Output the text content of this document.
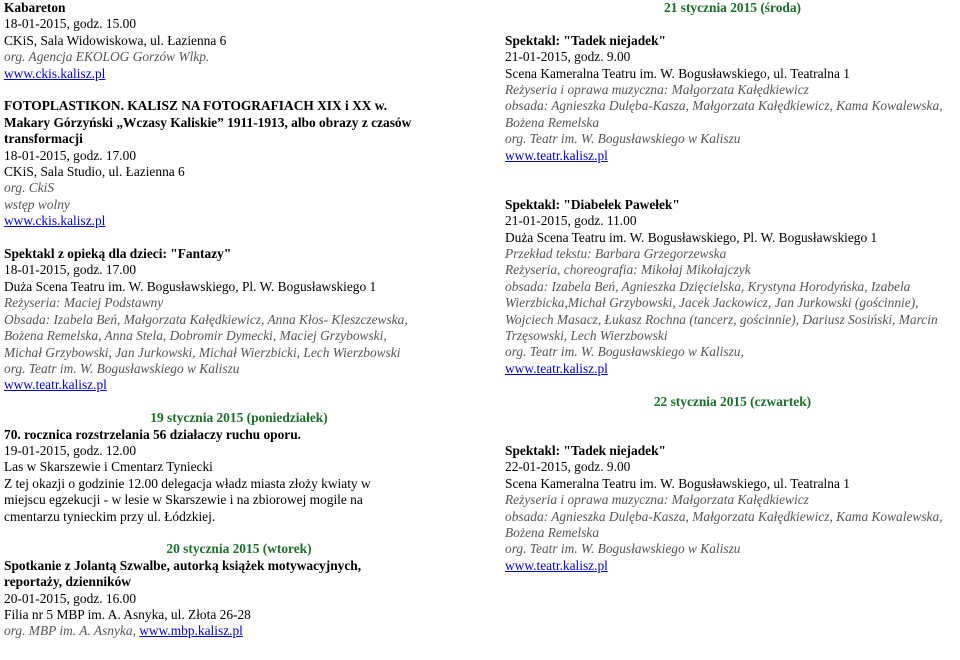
Kabareton
18-01-2015, godz. 15.00
CKiS, Sala Widowiskowa, ul. Łazienna 6
org. Agencja EKOLOG Gorzów Wlkp.
www.ckis.kalisz.pl
FOTOPLASTIKON. KALISZ NA FOTOGRAFIACH XIX i XX w.
Makary Górzyński „Wczasy Kaliskie” 1911-1913, albo obrazy z czasów
transformacji
18-01-2015, godz. 17.00
CKiS, Sala Studio, ul. Łazienna 6
org. CkiS
wstęp wolny
www.ckis.kalisz.pl
Spektakl z opieką dla dzieci: "Fantazy"
18-01-2015, godz. 17.00
Duża Scena Teatru im. W. Bogusławskiego, Pl. W. Bogusławskiego 1
Reżyseria: Maciej Podstawny
Obsada: Izabela Beń, Małgorzata Kałędkiewicz, Anna Kłos- Kleszczewska,
Bożena Remelska, Anna Stela, Dobromir Dymecki, Maciej Grzybowski,
Michał Grzybowski, Jan Jurkowski, Michał Wierzbicki, Lech Wierzbowski
org. Teatr im. W. Bogusławskiego w Kaliszu
www.teatr.kalisz.pl
19 stycznia 2015 (poniedziałek)
70. rocznica rozstrzelania 56 działaczy ruchu oporu.
19-01-2015, godz. 12.00
Las w Skarszewie i Cmentarz Tyniecki
Z tej okazji o godzinie 12.00 delegacja władz miasta złoży kwiaty w
miejscu egzekucji - w lesie w Skarszewie i na zbiorowej mogile na
cmentarzu tynieckim przy ul. Łódzkiej.
20 stycznia 2015 (wtorek)
Spotkanie z Jolantą Szwalbe, autorką książek motywacyjnych,
reportaży, dzienników
20-01-2015, godz. 16.00
Filia nr 5 MBP im. A. Asnyka, ul. Złota 26-28
org. MBP im. A. Asnyka, www.mbp.kalisz.pl
21 stycznia 2015 (środa)
Spektakl: "Tadek niejadek"
21-01-2015, godz. 9.00
Scena Kameralna Teatru im. W. Bogusławskiego, ul. Teatralna 1
Reżyseria i oprawa muzyczna: Małgorzata Kałędkiewicz
obsada: Agnieszka Dulęba-Kasza, Małgorzata Kałędkiewicz, Kama Kowalewska,
Bożena Remelska
org. Teatr im. W. Bogusławskiego w Kaliszu
www.teatr.kalisz.pl
Spektakl: "Diabełek Pawełek"
21-01-2015, godz. 11.00
Duża Scena Teatru im. W. Bogusławskiego, Pl. W. Bogusławskiego 1
Przekład tekstu: Barbara Grzegorzewska
Reżyseria, choreografia: Mikołaj Mikołajczyk
obsada: Izabela Beń, Agnieszka Dzięcielska, Krystyna Horodyńska, Izabela
Wierzbicka,Michał Grzybowski, Jacek Jackowicz, Jan Jurkowski (gościnnie),
Wojciech Masacz, Łukasz Rochna (tancerz, gościnnie), Dariusz Sosiński, Marcin
Trzęsowski, Lech Wierzbowski
org. Teatr im. W. Bogusławskiego w Kaliszu,
www.teatr.kalisz.pl
22 stycznia 2015 (czwartek)
Spektakl: "Tadek niejadek"
22-01-2015, godz. 9.00
Scena Kameralna Teatru im. W. Bogusławskiego, ul. Teatralna 1
Reżyseria i oprawa muzyczna: Małgorzata Kałędkiewicz
obsada: Agnieszka Dulęba-Kasza, Małgorzata Kałędkiewicz, Kama Kowalewska,
Bożena Remelska
org. Teatr im. W. Bogusławskiego w Kaliszu
www.teatr.kalisz.pl
